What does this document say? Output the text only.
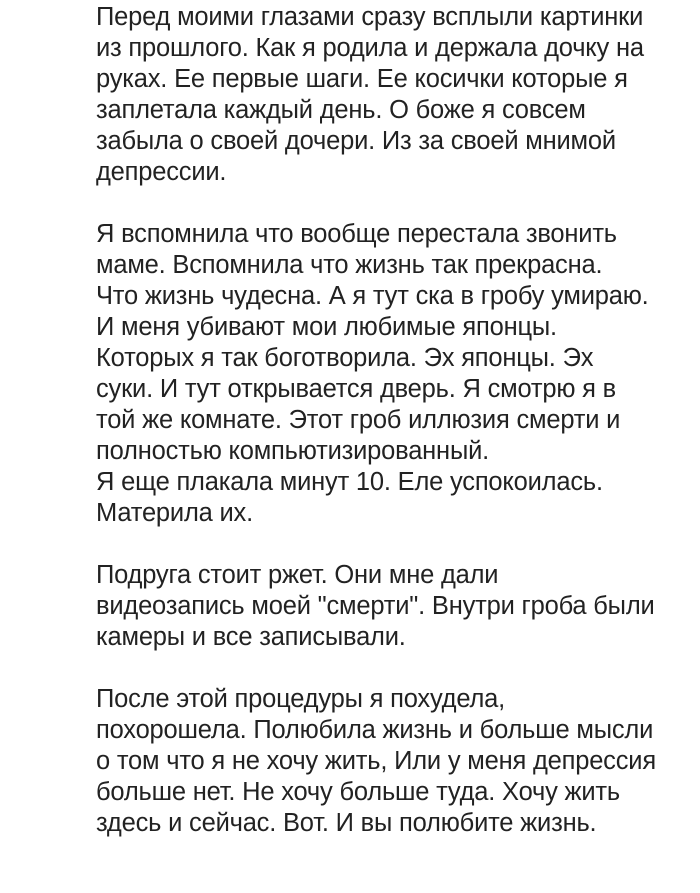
Перед моими глазами сразу всплыли картинки
из прошлого. Как я родила и держала дочку на
руках. Ее первые шаги. Ее косички которые я
заплетала каждый день. О боже я совсем
забыла о своей дочери. Из за своей мнимой
депрессии.

Я вспомнила что вообще перестала звонить
маме. Вспомнила что жизнь так прекрасна.
Что жизнь чудесна. А я тут ска в гробу умираю.
И меня убивают мои любимые японцы.
Которых я так боготворила. Эх японцы. Эх
суки. И тут открывается дверь. Я смотрю я в
той же комнате. Этот гроб иллюзия смерти и
полностью компьютизированный.
Я еще плакала минут 10. Еле успокоилась.
Материла их.

Подруга стоит ржет. Они мне дали
видеозапись моей "смерти". Внутри гроба были
камеры и все записывали.

После этой процедуры я похудела,
похорошела. Полюбила жизнь и больше мысли
о том что я не хочу жить, Или у меня депрессия
больше нет. Не хочу больше туда. Хочу жить
здесь и сейчас. Вот. И вы полюбите жизнь.
